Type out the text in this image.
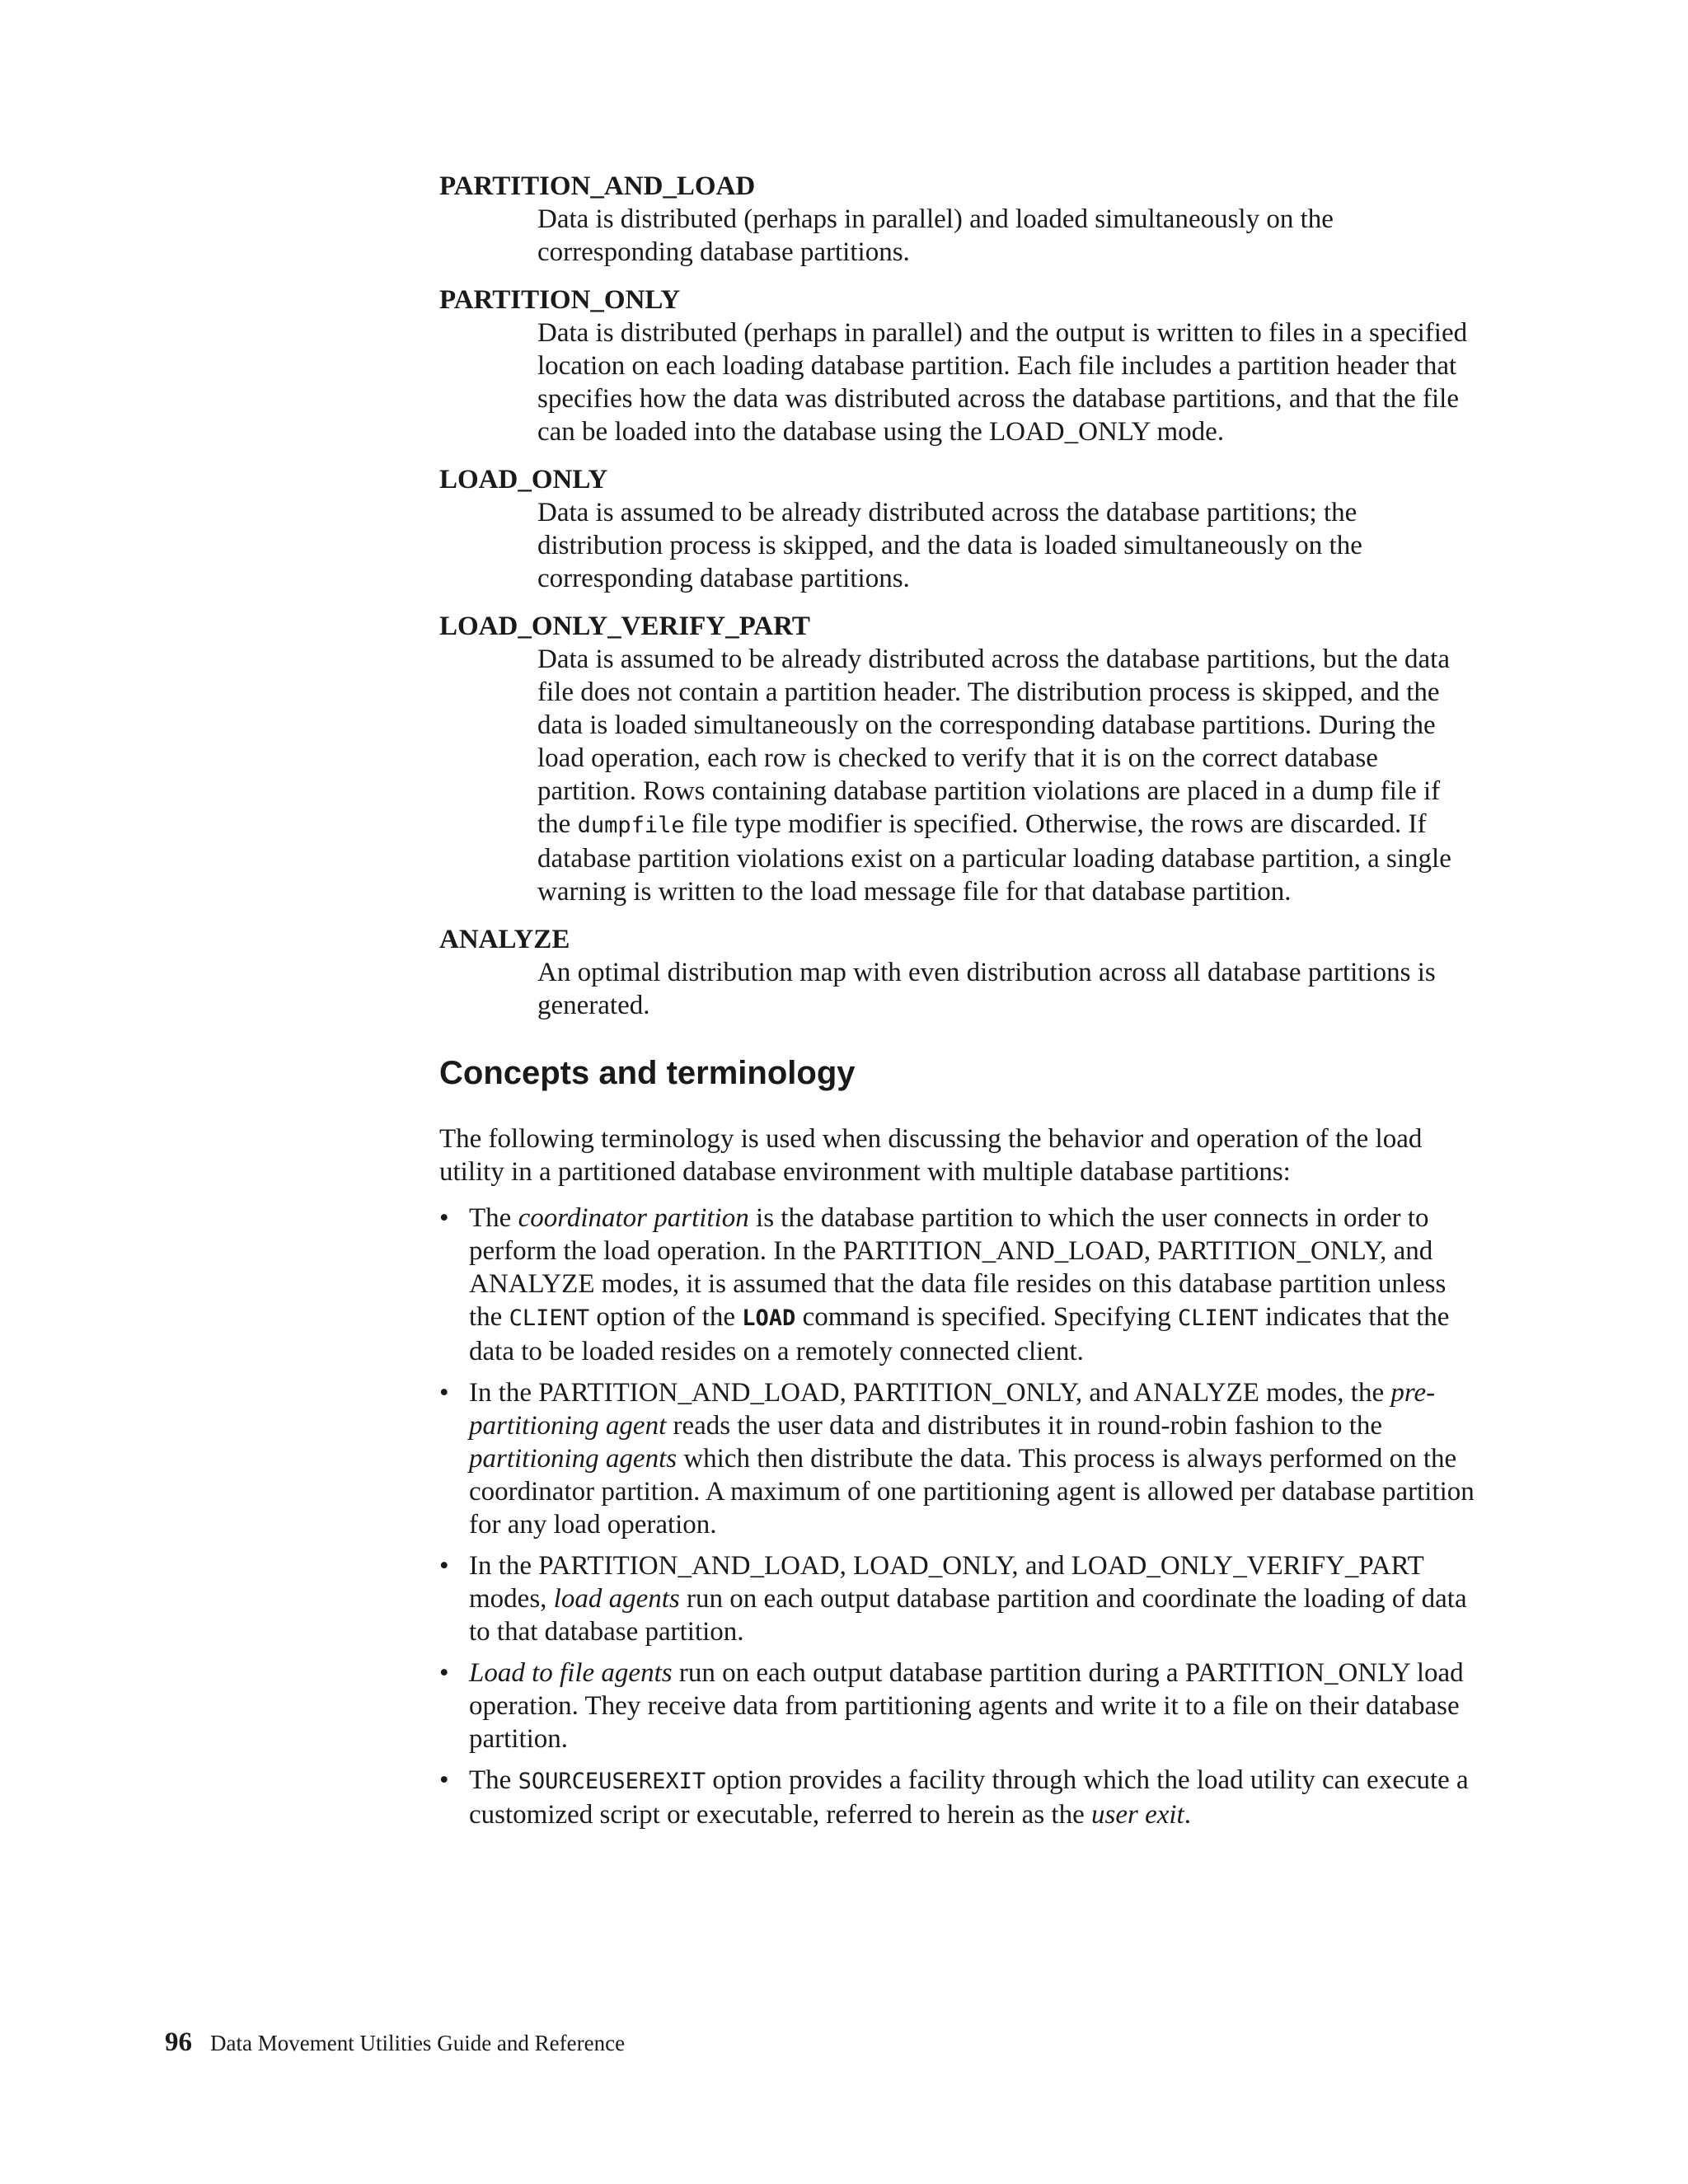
PARTITION_AND_LOAD

Data is distributed (perhaps in parallel) and loaded simultaneously on the corresponding database partitions.

PARTITION_ONLY

Data is distributed (perhaps in parallel) and the output is written to files in a specified location on each loading database partition. Each file includes a partition header that specifies how the data was distributed across the database partitions, and that the file can be loaded into the database using the LOAD_ONLY mode.

LOAD_ONLY

Data is assumed to be already distributed across the database partitions; the distribution process is skipped, and the data is loaded simultaneously on the corresponding database partitions.

LOAD_ONLY_VERIFY_PART

Data is assumed to be already distributed across the database partitions, but the data file does not contain a partition header. The distribution process is skipped, and the data is loaded simultaneously on the corresponding database partitions. During the load operation, each row is checked to verify that it is on the correct database partition. Rows containing database partition violations are placed in a dump file if the dumpfile file type modifier is specified. Otherwise, the rows are discarded. If database partition violations exist on a particular loading database partition, a single warning is written to the load message file for that database partition.

ANALYZE

An optimal distribution map with even distribution across all database partitions is generated.

Concepts and terminology

The following terminology is used when discussing the behavior and operation of the load utility in a partitioned database environment with multiple database partitions:

• The coordinator partition is the database partition to which the user connects in order to perform the load operation. In the PARTITION_AND_LOAD, PARTITION_ONLY, and ANALYZE modes, it is assumed that the data file resides on this database partition unless the CLIENT option of the LOAD command is specified. Specifying CLIENT indicates that the data to be loaded resides on a remotely connected client.
• In the PARTITION_AND_LOAD, PARTITION_ONLY, and ANALYZE modes, the pre-partitioning agent reads the user data and distributes it in round-robin fashion to the partitioning agents which then distribute the data. This process is always performed on the coordinator partition. A maximum of one partitioning agent is allowed per database partition for any load operation.
• In the PARTITION_AND_LOAD, LOAD_ONLY, and LOAD_ONLY_VERIFY_PART modes, load agents run on each output database partition and coordinate the loading of data to that database partition.
• Load to file agents run on each output database partition during a PARTITION_ONLY load operation. They receive data from partitioning agents and write it to a file on their database partition.
• The SOURCEUSEREXIT option provides a facility through which the load utility can execute a customized script or executable, referred to herein as the user exit.
96 Data Movement Utilities Guide and Reference
